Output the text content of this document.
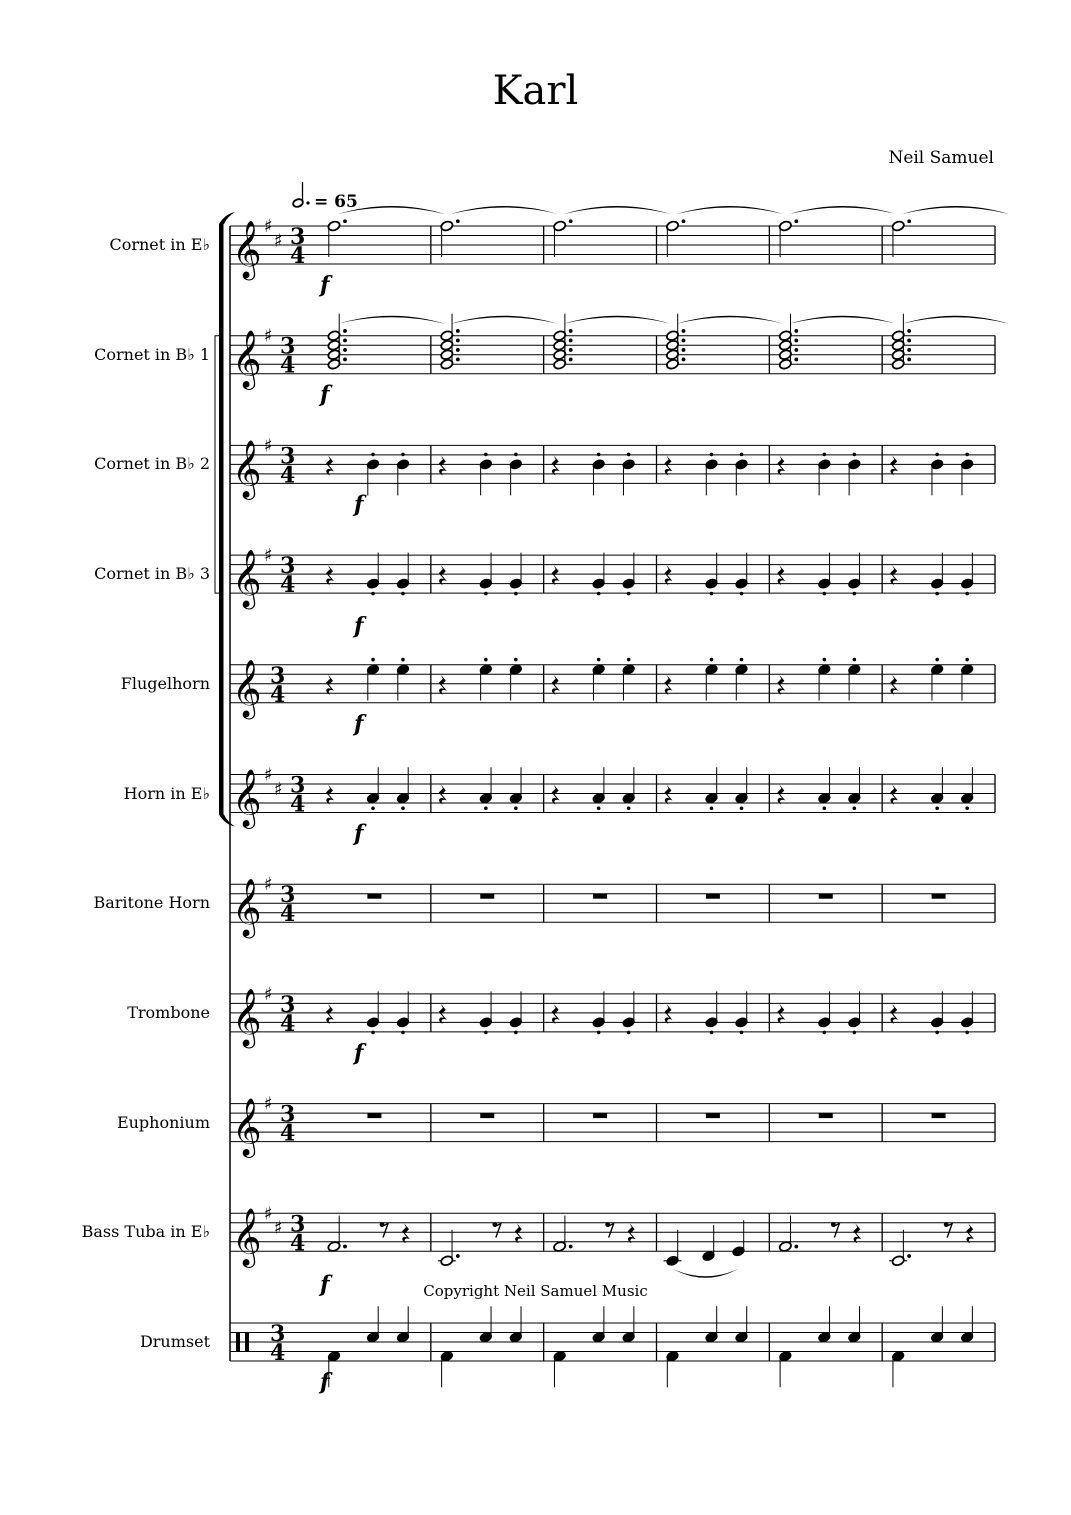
Karl
Neil Samuel
Cornet in E♭
Cornet in B♭ 1
Cornet in B♭ 2
Cornet in B♭ 3
Flugelhorn
Horn in E♭
Baritone Horn
Trombone
Euphonium
Bass Tuba in E♭
Drumset
= 65
𝄞 ♯
♯ 3
4
f
𝄞 ♯ 3
4
f
𝄞 ♯ 3
4
f
𝄞 ♯ 3
4
f
𝄞 3
4
f
𝄞 ♯
♯ 3
4
f
𝄞 ♯ 3
4
𝄞 ♯ 3
4
f
𝄞 ♯ 3
4
𝄞 ♯
♯ 3
4
f
3
4
f
Copyright Neil Samuel Music
